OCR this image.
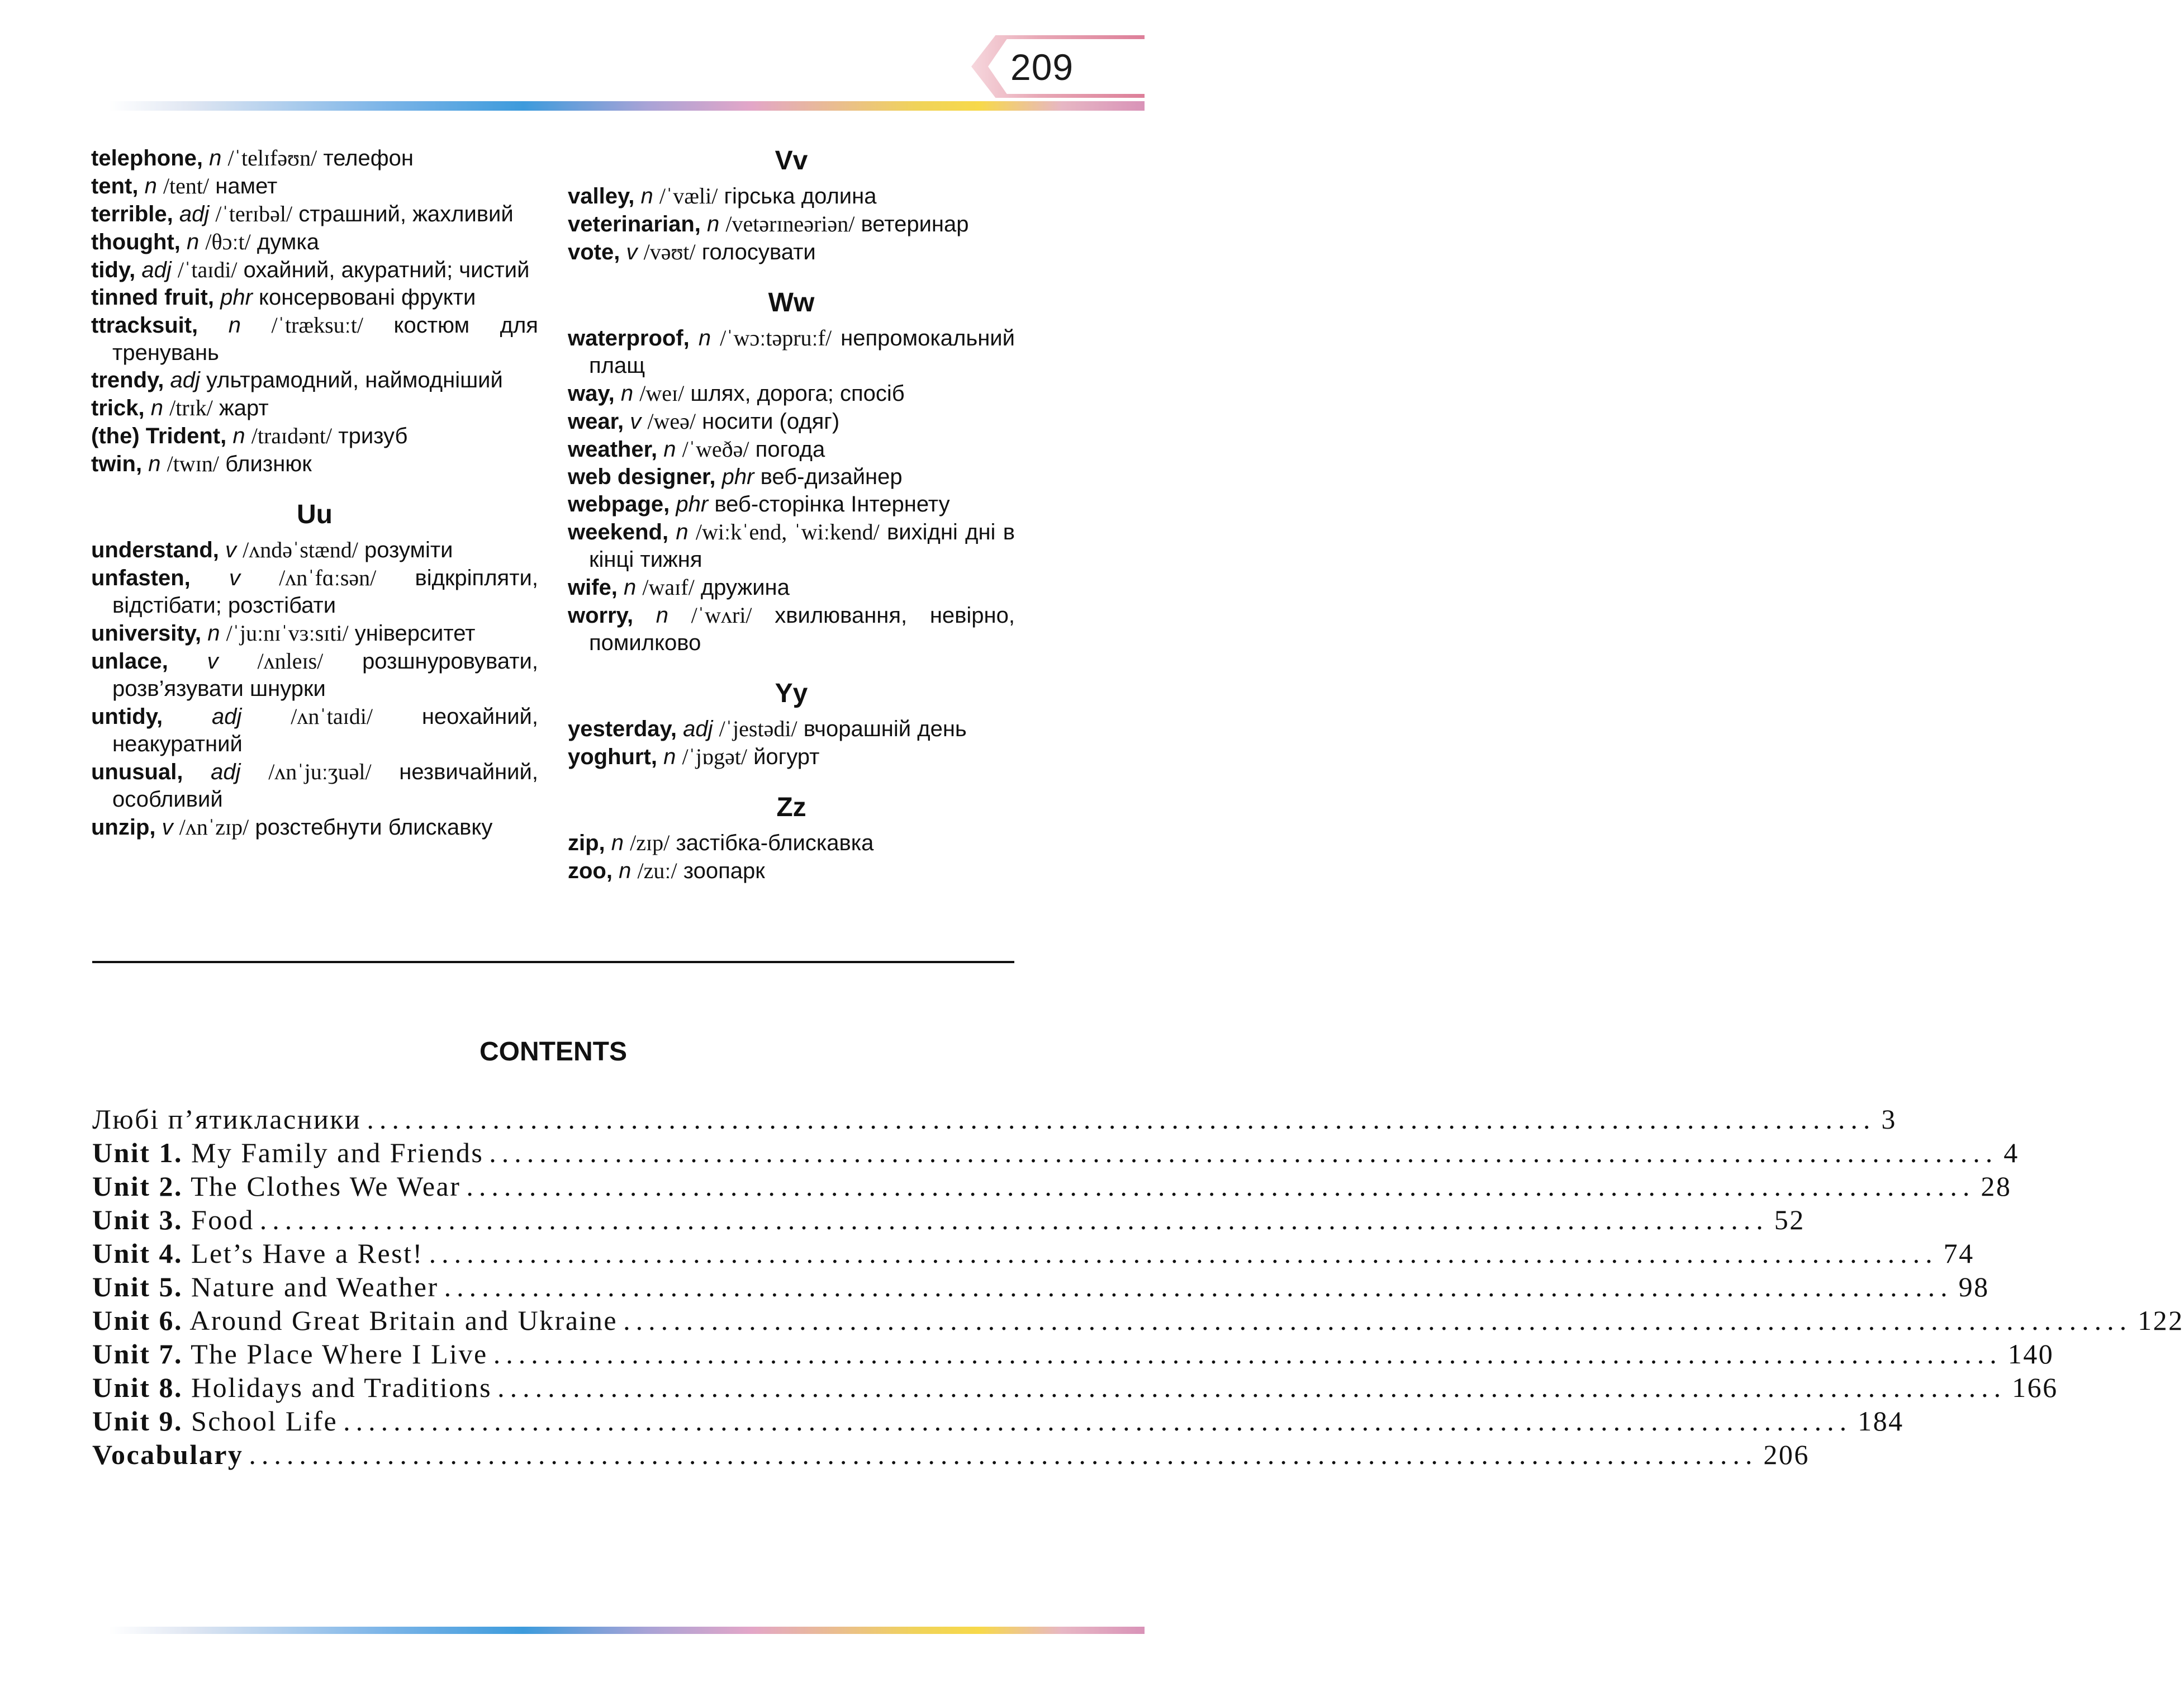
209
telephone, n /ˈtelɪfəʊn/ телефон
tent, n /tent/ намет
terrible, adj /ˈterɪbəl/ страшний, жахливий
thought, n /θɔːt/ думка
tidy, adj /ˈtaɪdi/ охайний, акуратний; чистий
tinned fruit, phr консервовані фрукти
ttracksuit, n /ˈtræksuːt/ костюм для тренувань
trendy, adj ультрамодний, наймодніший
trick, n /trɪk/ жарт
(the) Trident, n /traɪdənt/ тризуб
twin, n /twɪn/ близнюк
Uu
understand, v /ʌndəˈstænd/ розуміти
unfasten, v /ʌnˈfɑːsən/ відкріпляти, відстібати; розстібати
university, n /ˈjuːnɪˈvɜːsɪti/ університет
unlace, v /ʌnleɪs/ розшнуровувати, розв’язувати шнурки
untidy, adj /ʌnˈtaɪdi/ неохайний, неакуратний
unusual, adj /ʌnˈjuːʒuəl/ незвичайний, особливий
unzip, v /ʌnˈzɪp/ розстебнути блискавку
Vv
valley, n /ˈvæli/ гірська долина
veterinarian, n /vetərɪneəriən/ ветеринар
vote, v /vəʊt/ голосувати
Ww
waterproof, n /ˈwɔːtəpruːf/ непромокальний плащ
way, n /weɪ/ шлях, дорога; спосіб
wear, v /weə/ носити (одяг)
weather, n /ˈweðə/ погода
web designer, phr веб-дизайнер
webpage, phr веб-сторінка Інтернету
weekend, n /wiːkˈend, ˈwiːkend/ вихідні дні в кінці тижня
wife, n /waɪf/ дружина
worry, n /ˈwʌri/ хвилювання, невірно, помилково
Yy
yesterday, adj /ˈjestədi/ вчорашній день
yoghurt, n /ˈjɒgət/ йогурт
Zz
zip, n /zɪp/ застібка-блискавка
zoo, n /zuː/ зоопарк
CONTENTS
Любі п’ятикласники ........................................................................................................................ 3
Unit 1. My Family and Friends ........................................................................................................................ 4
Unit 2. The Clothes We Wear ........................................................................................................................ 28
Unit 3. Food ........................................................................................................................ 52
Unit 4. Let’s Have a Rest! ........................................................................................................................ 74
Unit 5. Nature and Weather ........................................................................................................................ 98
Unit 6. Around Great Britain and Ukraine ........................................................................................................................ 122
Unit 7. The Place Where I Live ........................................................................................................................ 140
Unit 8. Holidays and Traditions ........................................................................................................................ 166
Unit 9. School Life ........................................................................................................................ 184
Vocabulary ........................................................................................................................ 206
